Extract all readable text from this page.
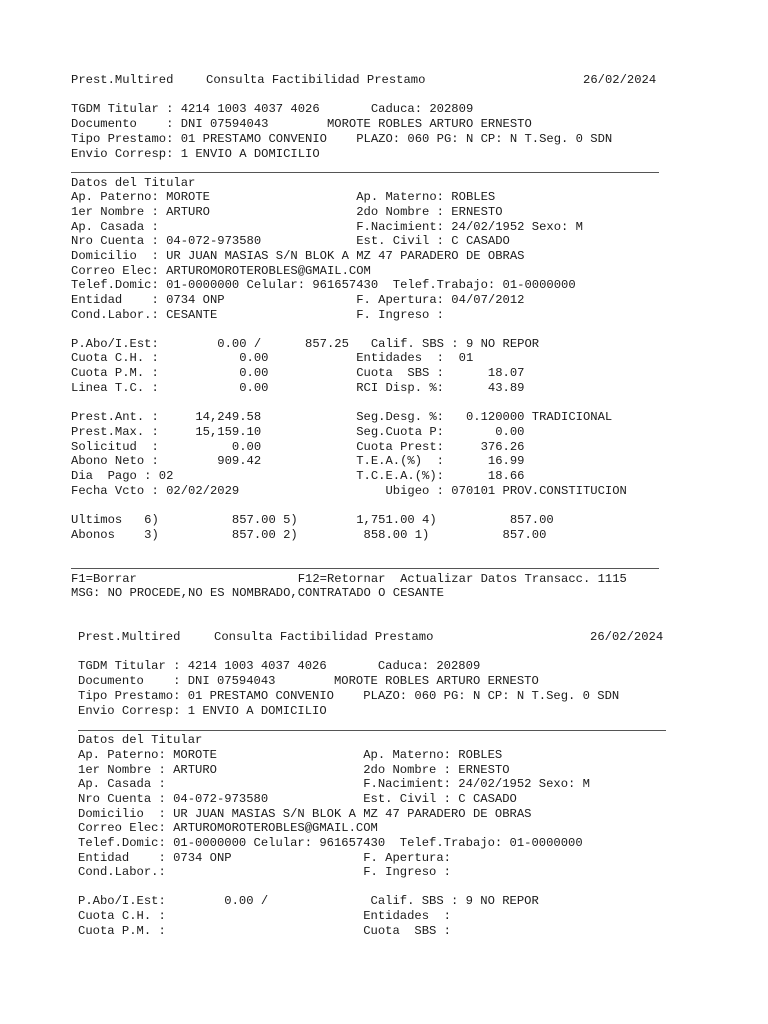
Prest.Multired	Consulta Factibilidad Prestamo	26/02/2024
TGDM Titular : 4214 1003 4037 4026       Caduca: 202809
Documento    : DNI 07594043        MOROTE ROBLES ARTURO ERNESTO
Tipo Prestamo: 01 PRESTAMO CONVENIO    PLAZO: 060 PG: N CP: N T.Seg. 0 SDN
Envio Corresp: 1 ENVIO A DOMICILIO
Datos del Titular
Ap. Paterno: MOROTE                    Ap. Materno: ROBLES
1er Nombre : ARTURO                    2do Nombre : ERNESTO
Ap. Casada :                           F.Nacimient: 24/02/1952 Sexo: M
Nro Cuenta : 04-072-973580             Est. Civil : C CASADO
Domicilio  : UR JUAN MASIAS S/N BLOK A MZ 47 PARADERO DE OBRAS
Correo Elec: ARTUROMOROTEROBLES@GMAIL.COM
Telef.Domic: 01-0000000 Celular: 961657430  Telef.Trabajo: 01-0000000
Entidad    : 0734 ONP                  F. Apertura: 04/07/2012
Cond.Labor.: CESANTE                   F. Ingreso :
P.Abo/I.Est:        0.00 /      857.25   Calif. SBS : 9 NO REPOR
Cuota C.H. :           0.00            Entidades  :  01
Cuota P.M. :           0.00            Cuota  SBS :      18.07
Linea T.C. :           0.00            RCI Disp. %:      43.89
Prest.Ant. :     14,249.58             Seg.Desg. %:   0.120000 TRADICIONAL
Prest.Max. :     15,159.10             Seg.Cuota P:       0.00
Solicitud  :          0.00             Cuota Prest:     376.26
Abono Neto :        909.42             T.E.A.(%)  :      16.99
Dia  Pago : 02                         T.C.E.A.(%):      18.66
Fecha Vcto : 02/02/2029                    Ubigeo : 070101 PROV.CONSTITUCION
Ultimos   6)          857.00 5)        1,751.00 4)          857.00
Abonos    3)          857.00 2)         858.00 1)          857.00
F1=Borrar                      F12=Retornar  Actualizar Datos Transacc. 1115
MSG: NO PROCEDE,NO ES NOMBRADO,CONTRATADO O CESANTE
Prest.Multired	Consulta Factibilidad Prestamo	26/02/2024
TGDM Titular : 4214 1003 4037 4026       Caduca: 202809
Documento    : DNI 07594043        MOROTE ROBLES ARTURO ERNESTO
Tipo Prestamo: 01 PRESTAMO CONVENIO    PLAZO: 060 PG: N CP: N T.Seg. 0 SDN
Envio Corresp: 1 ENVIO A DOMICILIO
Datos del Titular
Ap. Paterno: MOROTE                    Ap. Materno: ROBLES
1er Nombre : ARTURO                    2do Nombre : ERNESTO
Ap. Casada :                           F.Nacimient: 24/02/1952 Sexo: M
Nro Cuenta : 04-072-973580             Est. Civil : C CASADO
Domicilio  : UR JUAN MASIAS S/N BLOK A MZ 47 PARADERO DE OBRAS
Correo Elec: ARTUROMOROTEROBLES@GMAIL.COM
Telef.Domic: 01-0000000 Celular: 961657430  Telef.Trabajo: 01-0000000
Entidad    : 0734 ONP                  F. Apertura:
Cond.Labor.:                           F. Ingreso :
P.Abo/I.Est:        0.00 /              Calif. SBS : 9 NO REPOR
Cuota C.H. :                           Entidades  :
Cuota P.M. :                           Cuota  SBS :
